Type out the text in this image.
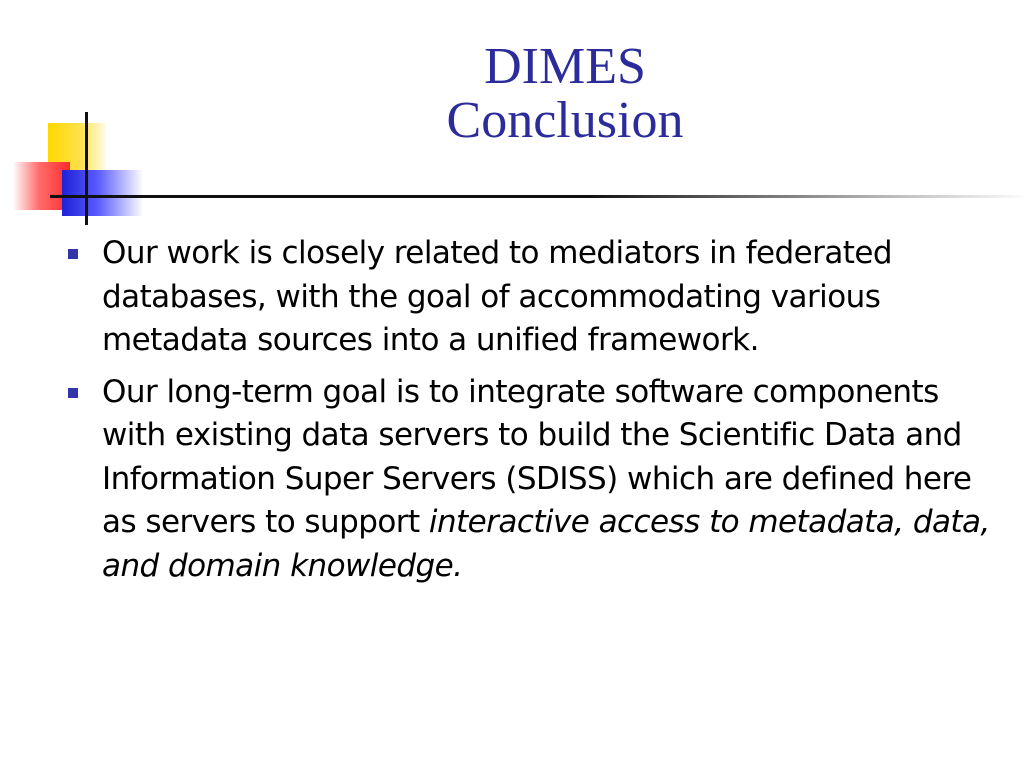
DIMES
Conclusion
Our work is closely related to mediators in federated databases, with the goal of accommodating various metadata sources into a unified framework.
Our long-term goal is to integrate software components with existing data servers to build the Scientific Data and Information Super Servers (SDISS) which are defined here as servers to support interactive access to metadata, data, and domain knowledge.
